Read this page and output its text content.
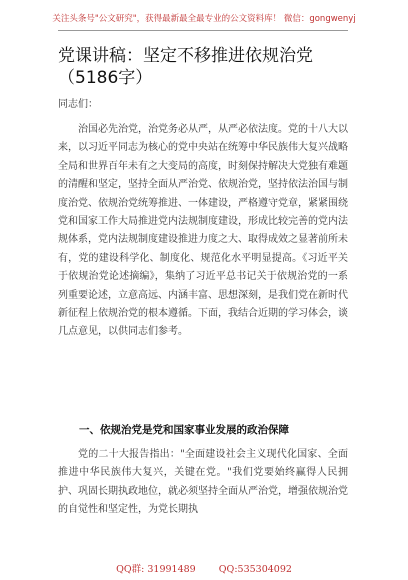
关注头条号"公文研究"，获得最新最全最专业的公文资料库！ 微信：gongwenyj
党课讲稿：坚定不移推进依规治党（5186字）
同志们：

治国必先治党，治党务必从严，从严必依法度。党的十八大以来，以习近平同志为核心的党中央站在统筹中华民族伟大复兴战略全局和世界百年未有之大变局的高度，时刻保持解决大党独有难题的清醒和坚定，坚持全面从严治党、依规治党，坚持依法治国与制度治党、依规治党统筹推进、一体建设，严格遵守党章，紧紧围绕党和国家工作大局推进党内法规制度建设，形成比较完善的党内法规体系，党内法规制度建设推进力度之大、取得成效之显著前所未有，党的建设科学化、制度化、规范化水平明显提高。《习近平关于依规治党论述摘编》，集纳了习近平总书记关于依规治党的一系列重要论述，立意高远、内涵丰富、思想深刻，是我们党在新时代新征程上依规治党的根本遵循。下面，我结合近期的学习体会，谈几点意见，以供同志们参考。

一、依规治党是党和国家事业发展的政治保障

党的二十大报告指出："全面建设社会主义现代化国家、全面推进中华民族伟大复兴，关键在党。"我们党要始终赢得人民拥护、巩固长期执政地位，就必须坚持全面从严治党，增强依规治党的自觉性和坚定性，为党长期执

QQ群: 31991489 QQ:535304092
